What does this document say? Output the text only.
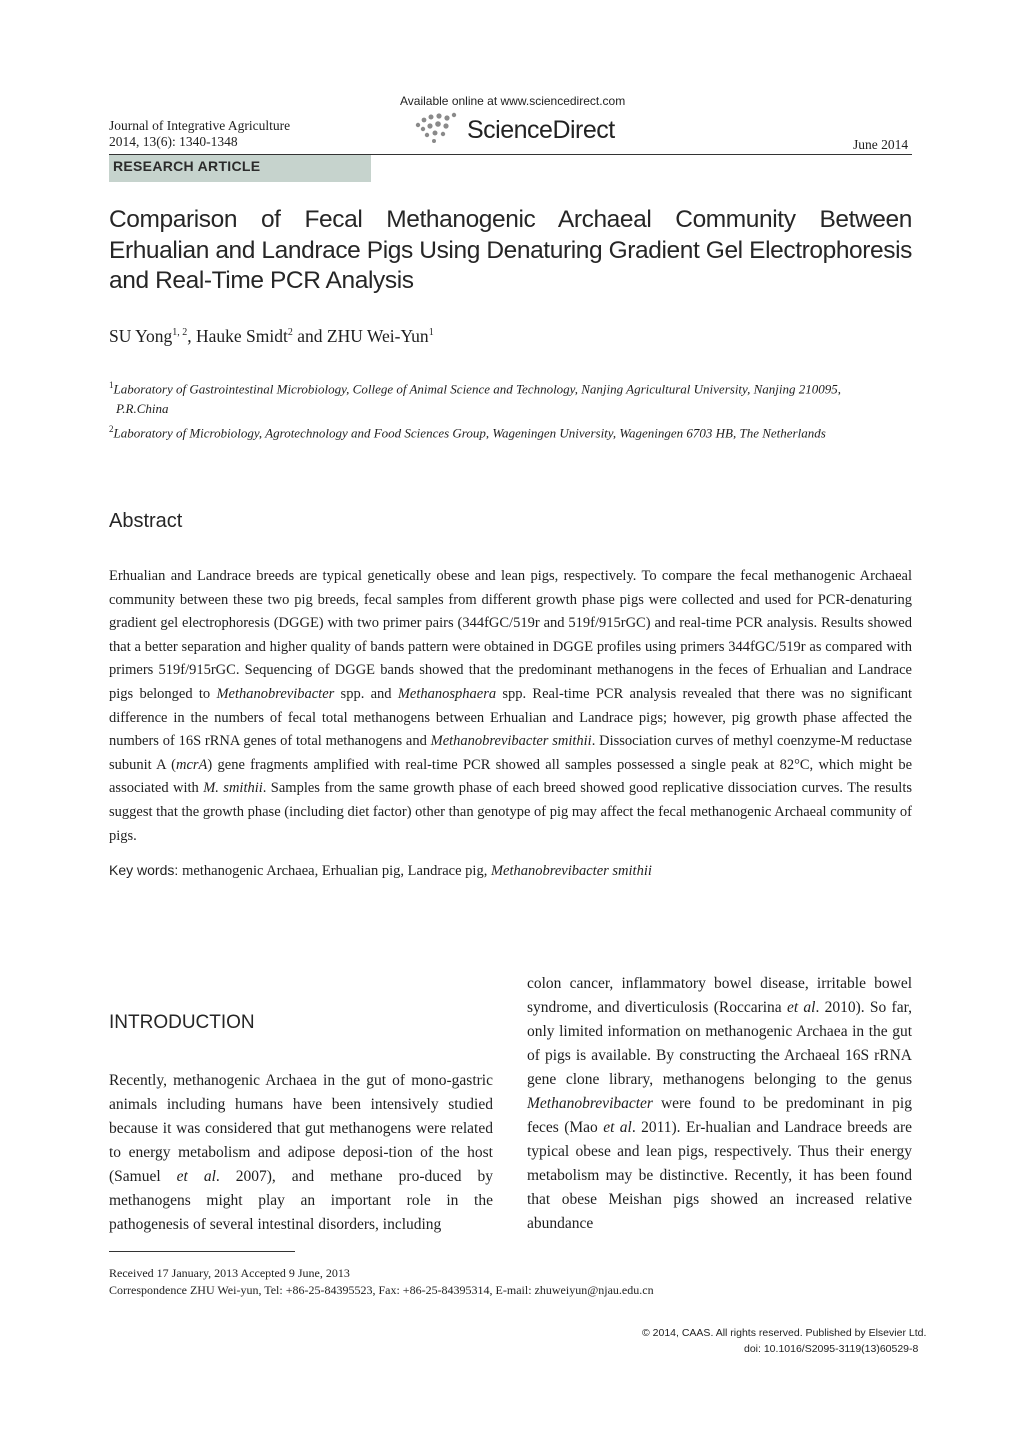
Available online at www.sciencedirect.com
Journal of Integrative Agriculture
2014, 13(6): 1340-1348	ScienceDirect
June 2014
RESEARCH ARTICLE
Comparison of Fecal Methanogenic Archaeal Community Between Erhualian and Landrace Pigs Using Denaturing Gradient Gel Electrophoresis and Real-Time PCR Analysis
SU Yong$^{1, 2}$, Hauke Smidt$^2$ and ZHU Wei-Yun$^1$
$^1$Laboratory of Gastrointestinal Microbiology, College of Animal Science and Technology, Nanjing Agricultural University, Nanjing 210095,
P.R.China
$^2$Laboratory of Microbiology, Agrotechnology and Food Sciences Group, Wageningen University, Wageningen 6703 HB, The Netherlands
Abstract
Erhualian and Landrace breeds are typical genetically obese and lean pigs, respectively. To compare the fecal methanogenic Archaeal community between these two pig breeds, fecal samples from different growth phase pigs were collected and used for PCR-denaturing gradient gel electrophoresis (DGGE) with two primer pairs (344fGC/519r and 519f/915rGC) and real-time PCR analysis. Results showed that a better separation and higher quality of bands pattern were obtained in DGGE profiles using primers 344fGC/519r as compared with primers 519f/915rGC. Sequencing of DGGE bands showed that the predominant methanogens in the feces of Erhualian and Landrace pigs belonged to Methanobrevibacter spp. and Methanosphaera spp. Real-time PCR analysis revealed that there was no significant difference in the numbers of fecal total methanogens between Erhualian and Landrace pigs; however, pig growth phase affected the numbers of 16S rRNA genes of total methanogens and Methanobrevibacter smithii. Dissociation curves of methyl coenzyme-M reductase subunit A (mcrA) gene fragments amplified with real-time PCR showed all samples possessed a single peak at 82°C, which might be associated with M. smithii. Samples from the same growth phase of each breed showed good replicative dissociation curves. The results suggest that the growth phase (including diet factor) other than genotype of pig may affect the fecal methanogenic Archaeal community of pigs.
Key words: methanogenic Archaea, Erhualian pig, Landrace pig, Methanobrevibacter smithii
INTRODUCTION
Recently, methanogenic Archaea in the gut of mono-gastric animals including humans have been intensively studied because it was considered that gut methanogens were related to energy metabolism and adipose deposi-tion of the host (Samuel et al. 2007), and methane pro-duced by methanogens might play an important role in the pathogenesis of several intestinal disorders, including
colon cancer, inflammatory bowel disease, irritable bowel syndrome, and diverticulosis (Roccarina et al. 2010). So far, only limited information on methanogenic Archaea in the gut of pigs is available. By constructing the Archaeal 16S rRNA gene clone library, methanogens belonging to the genus Methanobrevibacter were found to be predominant in pig feces (Mao et al. 2011). Er-hualian and Landrace breeds are typical obese and lean pigs, respectively. Thus their energy metabolism may be distinctive. Recently, it has been found that obese Meishan pigs showed an increased relative abundance
Received 17 January, 2013 Accepted 9 June, 2013
Correspondence ZHU Wei-yun, Tel: +86-25-84395523, Fax: +86-25-84395314, E-mail: zhuweiyun@njau.edu.cn
© 2014, CAAS. All rights reserved. Published by Elsevier Ltd.
doi: 10.1016/S2095-3119(13)60529-8
